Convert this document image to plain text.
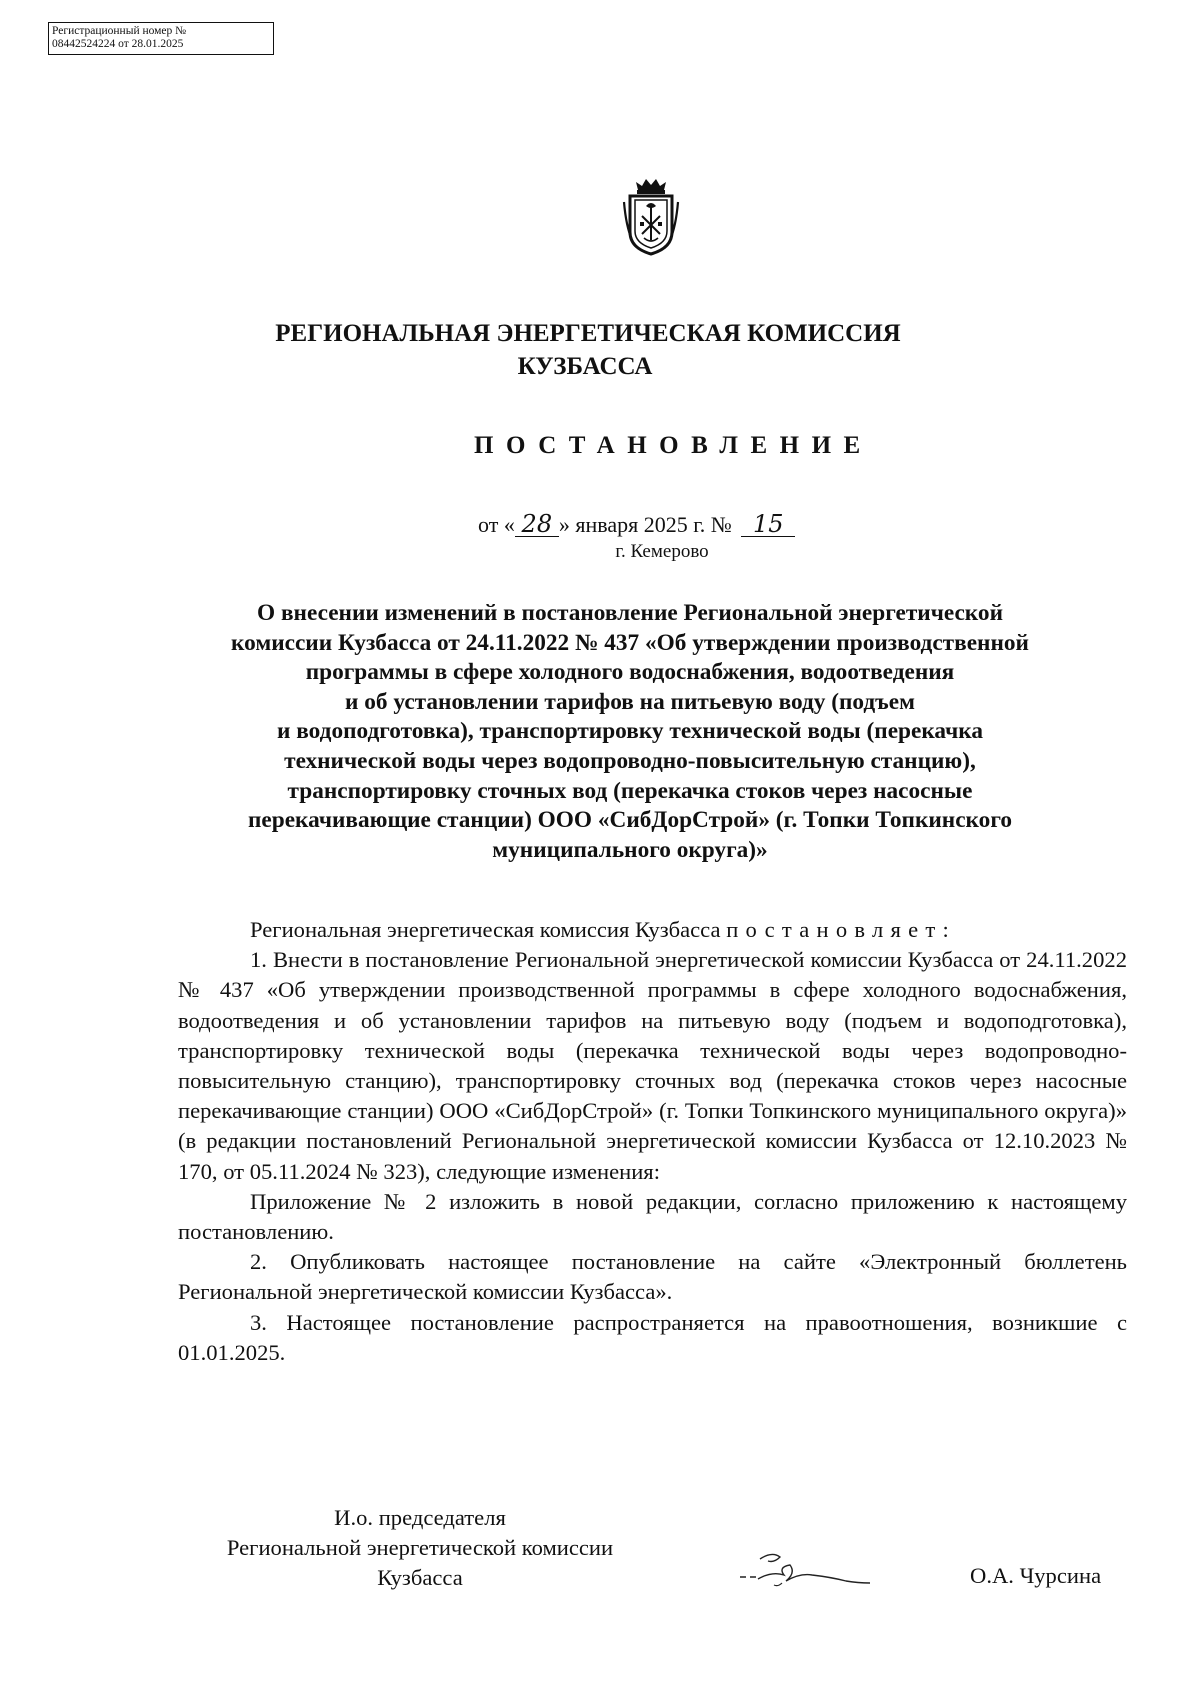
Регистрационный номер №
08442524224 от 28.01.2025
РЕГИОНАЛЬНАЯ ЭНЕРГЕТИЧЕСКАЯ КОМИССИЯ
КУЗБАССА
ПОСТАНОВЛЕНИЕ
от « 28 » января 2025 г. № 15
г. Кемерово
О внесении изменений в постановление Региональной энергетической
комиссии Кузбасса от 24.11.2022 № 437 «Об утверждении производственной
программы в сфере холодного водоснабжения, водоотведения
и об установлении тарифов на питьевую воду (подъем
и водоподготовка), транспортировку технической воды (перекачка
технической воды через водопроводно-повысительную станцию),
транспортировку сточных вод (перекачка стоков через насосные
перекачивающие станции) ООО «СибДорСтрой» (г. Топки Топкинского
муниципального округа)»

Региональная энергетическая комиссия Кузбасса постановляет:

1. Внести в постановление Региональной энергетической комиссии Кузбасса от 24.11.2022 № 437 «Об утверждении производственной программы в сфере холодного водоснабжения, водоотведения и об установлении тарифов на питьевую воду (подъем и водоподготовка), транспортировку технической воды (перекачка технической воды через водопроводно-повысительную станцию), транспортировку сточных вод (перекачка стоков через насосные перекачивающие станции) ООО «СибДорСтрой» (г. Топки Топкинского муниципального округа)» (в редакции постановлений Региональной энергетической комиссии Кузбасса от 12.10.2023 № 170, от 05.11.2024 № 323), следующие изменения:

Приложение № 2 изложить в новой редакции, согласно приложению к настоящему постановлению.

2. Опубликовать настоящее постановление на сайте «Электронный бюллетень Региональной энергетической комиссии Кузбасса».

3. Настоящее постановление распространяется на правоотношения, возникшие с 01.01.2025.

И.о. председателя
Региональной энергетической комиссии
Кузбасса	О.А. Чурсина
